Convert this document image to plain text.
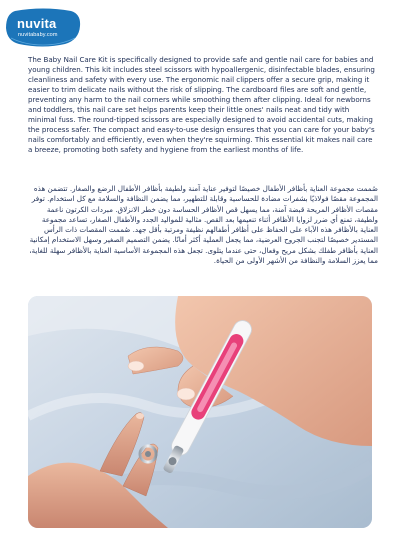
nuvita
nuvitababy.com

The Baby Nail Care Kit is specifically designed to provide safe and gentle nail care for babies and young children. This kit includes steel scissors with hypoallergenic, disinfectable blades, ensuring cleanliness and safety with every use. The ergonomic nail clippers offer a secure grip, making it easier to trim delicate nails without the risk of slipping. The cardboard files are soft and gentle, preventing any harm to the nail corners while smoothing them after clipping. Ideal for newborns and toddlers, this nail care set helps parents keep their little ones' nails neat and tidy with minimal fuss. The round-tipped scissors are especially designed to avoid accidental cuts, making the process safer. The compact and easy-to-use design ensures that you can care for your baby's nails comfortably and efficiently, even when they're squirming. This essential kit makes nail care a breeze, promoting both safety and hygiene from the earliest months of life.

صُممت مجموعة العناية بأظافر الأطفال خصيصًا لتوفير عناية آمنة ولطيفة بأظافر الأطفال الرضع والصغار. تتضمن هذه المجموعة مقصًا فولاذيًا بشفرات مضادة للحساسية وقابلة للتطهير، مما يضمن النظافة والسلامة مع كل استخدام. توفر مقصات الأظافر المريحة قبضة آمنة، مما يسهل قص الأظافر الحساسة دون خطر الانزلاق. مبردات الكرتون ناعمة ولطيفة، تمنع أي ضرر لزوايا الأظافر أثناء تنعيمها بعد القص. مثالية للمواليد الجدد والأطفال الصغار، تساعد مجموعة العناية بالأظافر هذه الآباء على الحفاظ على أظافر أطفالهم نظيفة ومرتبة بأقل جهد. صُممت المقصات ذات الرأس المستدير خصيصًا لتجنب الجروح العرضية، مما يجعل العملية أكثر أمانًا. يضمن التصميم الصغير وسهل الاستخدام إمكانية العناية بأظافر طفلك بشكل مريح وفعال، حتى عندما يتلوى. تجعل هذه المجموعة الأساسية العناية بالأظافر سهلة للغاية، مما يعزز السلامة والنظافة من الأشهر الأولى من الحياة.
